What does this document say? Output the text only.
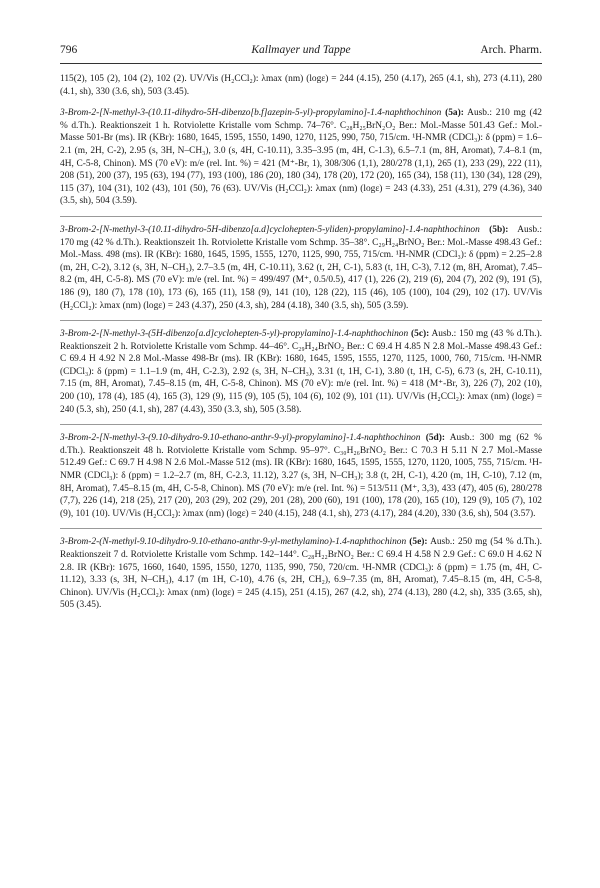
796	Kallmayer und Tappe	Arch. Pharm.

115(2), 105 (2), 104 (2), 102 (2). UV/Vis (H₂CCl₂): λmax (nm) (logε) = 244 (4.15), 250 (4.17), 265 (4.1, sh), 273 (4.11), 280 (4.1, sh), 330 (3.6, sh), 503 (3.45).

3-Brom-2-[N-methyl-3-(10.11-dihydro-5H-dibenzo[b.f]azepin-5-yl)-propylamino]-1.4-naphthochinon (5a): Ausb.: 210 mg (42 % d.Th.). Reaktionszeit 1 h. Rotviolette Kristalle vom Schmp. 74–76°. C₂₈H₂₅BrN₂O₂ Ber.: Mol.-Masse 501.43 Gef.: Mol.-Masse 501-Br (ms). IR (KBr): 1680, 1645, 1595, 1550, 1490, 1270, 1125, 990, 750, 715/cm. ¹H-NMR (CDCl₃): δ (ppm) = 1.6–2.1 (m, 2H, C-2), 2.95 (s, 3H, N–CH₃), 3.0 (s, 4H, C-10.11), 3.35–3.95 (m, 4H, C-1.3), 6.5–7.1 (m, 8H, Aromat), 7.4–8.1 (m, 4H, C-5-8, Chinon). MS (70 eV): m/e (rel. Int. %) = 421 (M⁺-Br, 1), 308/306 (1,1), 280/278 (1,1), 265 (1), 233 (29), 222 (11), 208 (51), 200 (37), 195 (63), 194 (77), 193 (100), 186 (20), 180 (34), 178 (20), 172 (20), 165 (34), 158 (11), 130 (34), 128 (29), 115 (37), 104 (31), 102 (43), 101 (50), 76 (63). UV/Vis (H₂CCl₂): λmax (nm) (logε) = 243 (4.33), 251 (4.31), 279 (4.36), 340 (3.5, sh), 504 (3.59).

3-Brom-2-[N-methyl-3-(10.11-dihydro-5H-dibenzo[a.d]cyclohepten-5-yliden)-propylamino]-1.4-naphthochinon (5b): Ausb.: 170 mg (42 % d.Th.). Reaktionszeit 1h. Rotviolette Kristalle vom Schmp. 35–38°. C₂₉H₂₄BrNO₂ Ber.: Mol.-Masse 498.43 Gef.: Mol.-Mass. 498 (ms). IR (KBr): 1680, 1645, 1595, 1555, 1270, 1125, 990, 755, 715/cm. ¹H-NMR (CDCl₃): δ (ppm) = 2.25–2.8 (m, 2H, C-2), 3.12 (s, 3H, N–CH₃), 2.7–3.5 (m, 4H, C-10.11), 3.62 (t, 2H, C-1), 5.83 (t, 1H, C-3), 7.12 (m, 8H, Aromat), 7.45–8.2 (m, 4H, C-5-8). MS (70 eV): m/e (rel. Int. %) = 499/497 (M⁺, 0.5/0.5), 417 (1), 226 (2), 219 (6), 204 (7), 202 (9), 191 (5), 186 (9), 180 (7), 178 (10), 173 (6), 165 (11), 158 (9), 141 (10), 128 (22), 115 (46), 105 (100), 104 (29), 102 (17). UV/Vis (H₂CCl₂): λmax (nm) (logε) = 243 (4.37), 250 (4.3, sh), 284 (4.18), 340 (3.5, sh), 505 (3.59).

3-Brom-2-[N-methyl-3-(5H-dibenzo[a.d]cyclohepten-5-yl)-propylamino]-1.4-naphthochinon (5c): Ausb.: 150 mg (43 % d.Th.). Reaktionszeit 2 h. Rotviolette Kristalle vom Schmp. 44–46°. C₂₉H₂₄BrNO₂ Ber.: C 69.4 H 4.85 N 2.8 Mol.-Masse 498.43 Gef.: C 69.4 H 4.92 N 2.8 Mol.-Masse 498-Br (ms). IR (KBr): 1680, 1645, 1595, 1555, 1270, 1125, 1000, 760, 715/cm. ¹H-NMR (CDCl₃): δ (ppm) = 1.1–1.9 (m, 4H, C-2.3), 2.92 (s, 3H, N–CH₃), 3.31 (t, 1H, C-1), 3.80 (t, 1H, C-5), 6.73 (s, 2H, C-10.11), 7.15 (m, 8H, Aromat), 7.45–8.15 (m, 4H, C-5-8, Chinon). MS (70 eV): m/e (rel. Int. %) = 418 (M⁺-Br, 3), 226 (7), 202 (10), 200 (10), 178 (4), 185 (4), 165 (3), 129 (9), 115 (9), 105 (5), 104 (6), 102 (9), 101 (11). UV/Vis (H₂CCl₂): λmax (nm) (logε) = 240 (5.3, sh), 250 (4.1, sh), 287 (4.43), 350 (3.3, sh), 505 (3.58).

3-Brom-2-[N-methyl-3-(9.10-dihydro-9.10-ethano-anthr-9-yl)-propylamino]-1.4-naphthochinon (5d): Ausb.: 300 mg (62 % d.Th.). Reaktionszeit 48 h. Rotviolette Kristalle vom Schmp. 95–97°. C₃₀H₂₆BrNO₂ Ber.: C 70.3 H 5.11 N 2.7 Mol.-Masse 512.49 Gef.: C 69.7 H 4.98 N 2.6 Mol.-Masse 512 (ms). IR (KBr): 1680, 1645, 1595, 1555, 1270, 1120, 1005, 755, 715/cm. ¹H-NMR (CDCl₃): δ (ppm) = 1.2–2.7 (m, 8H, C-2.3, 11.12), 3.27 (s, 3H, N–CH₃); 3.8 (t, 2H, C-1), 4.20 (m, 1H, C-10), 7.12 (m, 8H, Aromat), 7.45–8.15 (m, 4H, C-5-8, Chinon). MS (70 eV): m/e (rel. Int. %) = 513/511 (M⁺, 3,3), 433 (47), 405 (6), 280/278 (7,7), 226 (14), 218 (25), 217 (20), 203 (29), 202 (29), 201 (28), 200 (60), 191 (100), 178 (20), 165 (10), 129 (9), 105 (7), 102 (9), 101 (10). UV/Vis (H₂CCl₂): λmax (nm) (logε) = 240 (4.15), 248 (4.1, sh), 273 (4.17), 284 (4.20), 330 (3.6, sh), 504 (3.57).

3-Brom-2-(N-methyl-9.10-dihydro-9.10-ethano-anthr-9-yl-methylamino)-1.4-naphthochinon (5e): Ausb.: 250 mg (54 % d.Th.). Reaktionszeit 7 d. Rotviolette Kristalle vom Schmp. 142–144°. C₂₈H₂₂BrNO₂ Ber.: C 69.4 H 4.58 N 2.9 Gef.: C 69.0 H 4.62 N 2.8. IR (KBr): 1675, 1660, 1640, 1595, 1550, 1270, 1135, 990, 750, 720/cm. ¹H-NMR (CDCl₃): δ (ppm) = 1.75 (m, 4H, C-11.12), 3.33 (s, 3H, N–CH₃), 4.17 (m 1H, C-10), 4.76 (s, 2H, CH₂), 6.9–7.35 (m, 8H, Aromat), 7.45–8.15 (m, 4H, C-5-8, Chinon). UV/Vis (H₂CCl₂): λmax (nm) (logε) = 245 (4.15), 251 (4.15), 267 (4.2, sh), 274 (4.13), 280 (4.2, sh), 335 (3.65, sh), 505 (3.45).
